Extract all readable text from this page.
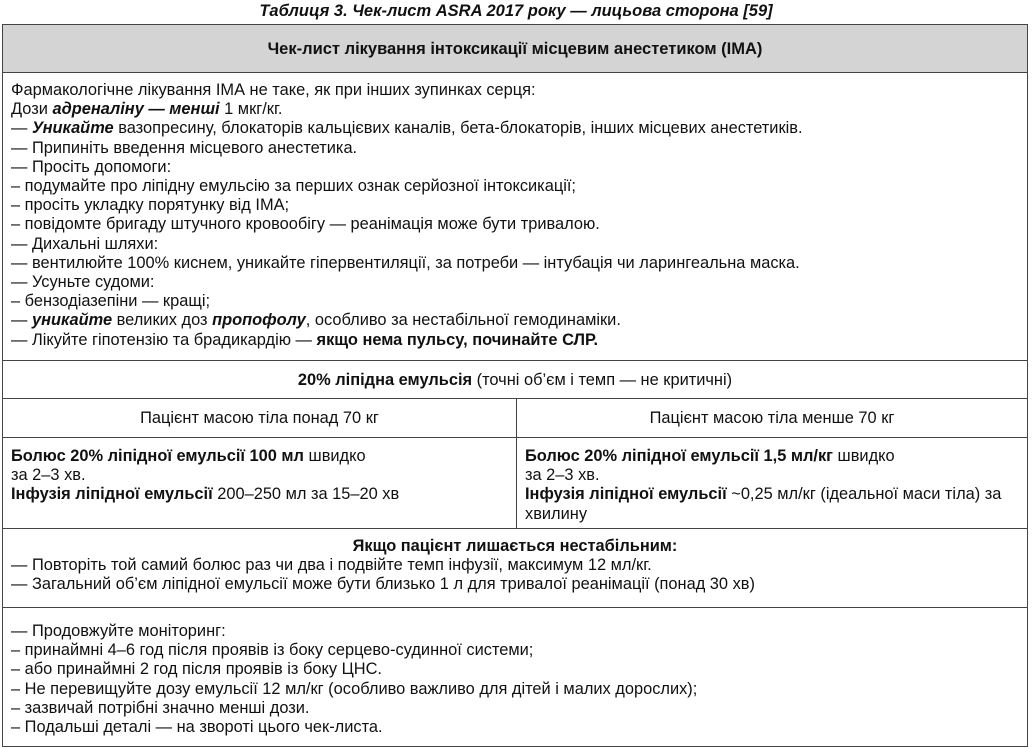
Таблиця 3. Чек-лист ASRA 2017 року — лицьова сторона [59]
Чек-лист лікування інтоксикації місцевим анестетиком (ІМА)
Фармакологічне лікування ІМА не таке, як при інших зупинках серця:
Дози адреналіну — менші 1 мкг/кг.
— Уникайте вазопресину, блокаторів кальцієвих каналів, бета-блокаторів, інших місцевих анестетиків.
— Припиніть введення місцевого анестетика.
— Просіть допомоги:
– подумайте про ліпідну емульсію за перших ознак серйозної інтоксикації;
– просіть укладку порятунку від ІМА;
– повідомте бригаду штучного кровообігу — реанімація може бути тривалою.
— Дихальні шляхи:
— вентилюйте 100% киснем, уникайте гіпервентиляції, за потреби — інтубація чи ларингеальна маска.
— Усуньте судоми:
– бензодіазепіни — кращі;
— уникайте великих доз пропофолу, особливо за нестабільної гемодинаміки.
— Лікуйте гіпотензію та брадикардію — якщо нема пульсу, починайте СЛР.
20% ліпідна емульсія (точні об’єм і темп — не критичні)
Пацієнт масою тіла понад 70 кг	Пацієнт масою тіла менше 70 кг
Болюс 20% ліпідної емульсії 100 мл швидко
за 2–3 хв.
Інфузія ліпідної емульсії 200–250 мл за 15–20 хв
Болюс 20% ліпідної емульсії 1,5 мл/кг швидко
за 2–3 хв.
Інфузія ліпідної емульсії ~0,25 мл/кг (ідеальної маси тіла) за хвилину
Якщо пацієнт лишається нестабільним:
— Повторіть той самий болюс раз чи два і подвійте темп інфузії, максимум 12 мл/кг.
— Загальний об’єм ліпідної емульсії може бути близько 1 л для тривалої реанімації (понад 30 хв)
— Продовжуйте моніторинг:
– принаймні 4–6 год після проявів із боку серцево-судинної системи;
– або принаймні 2 год після проявів із боку ЦНС.
– Не перевищуйте дозу емульсії 12 мл/кг (особливо важливо для дітей і малих дорослих);
– зазвичай потрібні значно менші дози.
– Подальші деталі — на звороті цього чек-листа.
